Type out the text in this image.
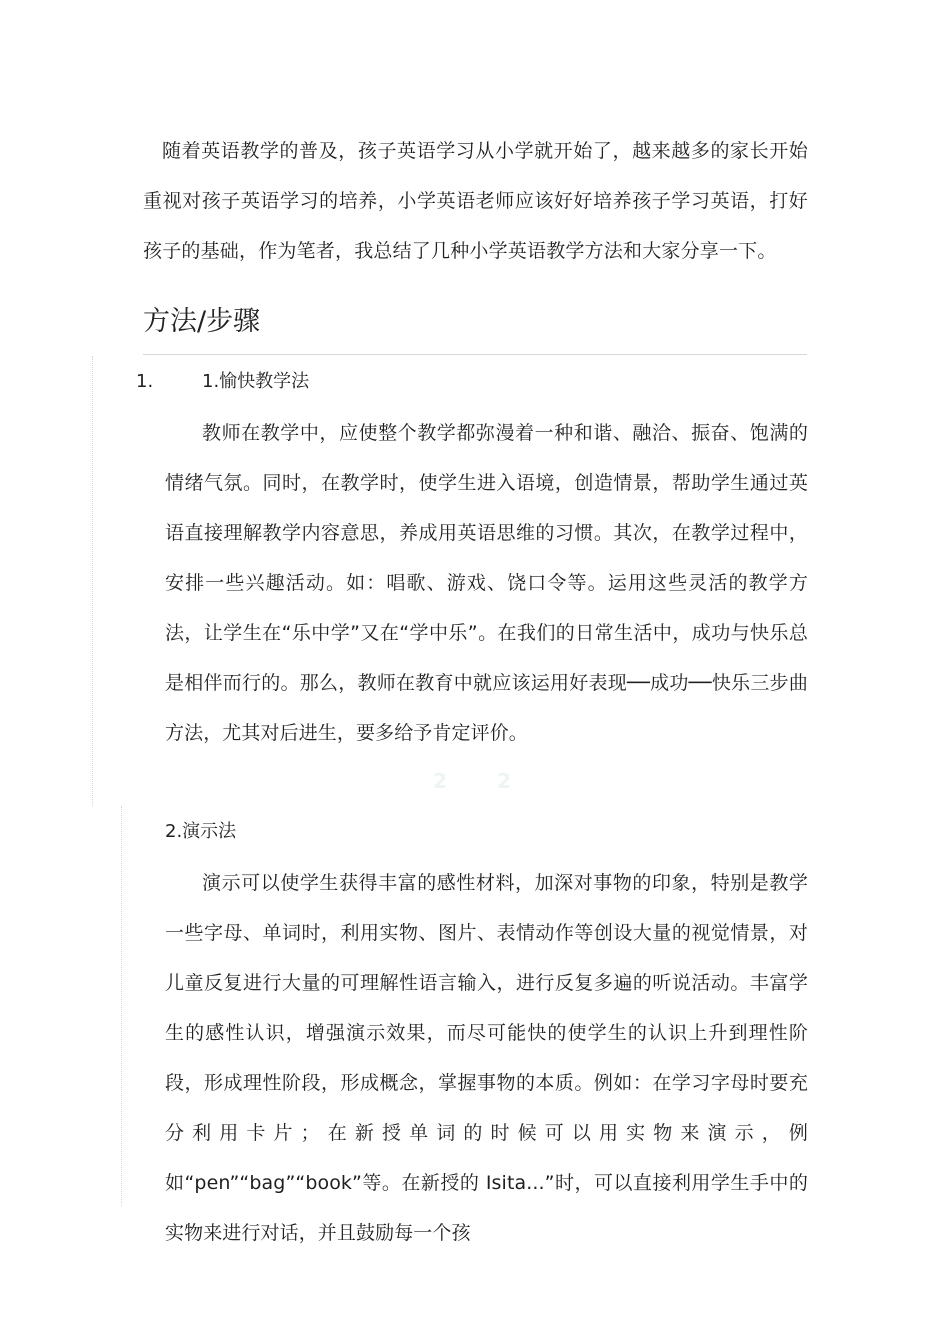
随着英语教学的普及，孩子英语学习从小学就开始了，越来越多的家长开始重视对孩子英语学习的培养，小学英语老师应该好好培养孩子学习英语，打好孩子的基础，作为笔者，我总结了几种小学英语教学方法和大家分享一下。

方法/步骤
1.	1.愉快教学法

教师在教学中，应使整个教学都弥漫着一种和谐、融洽、振奋、饱满的情绪气氛。同时，在教学时，使学生进入语境，创造情景，帮助学生通过英语直接理解教学内容意思，养成用英语思维的习惯。其次，在教学过程中，安排一些兴趣活动。如：唱歌、游戏、饶口令等。运用这些灵活的教学方法，让学生在“乐中学”又在“学中乐”。在我们的日常生活中，成功与快乐总是相伴而行的。那么，教师在教育中就应该运用好表现──成功──快乐三步曲方法，尤其对后进生，要多给予肯定评价。

2	2
2.演示法

演示可以使学生获得丰富的感性材料，加深对事物的印象，特别是教学一些字母、单词时，利用实物、图片、表情动作等创设大量的视觉情景，对儿童反复进行大量的可理解性语言输入，进行反复多遍的听说活动。丰富学生的感性认识，增强演示效果，而尽可能快的使学生的认识上升到理性阶段，形成理性阶段，形成概念，掌握事物的本质。例如：在学习字母时要充分利用卡片；在新授单词的时候可以用实物来演示，例如“pen”“bag”“book”等。在新授的 Isita...”时，可以直接利用学生手中的实物来进行对话，并且鼓励每一个孩
